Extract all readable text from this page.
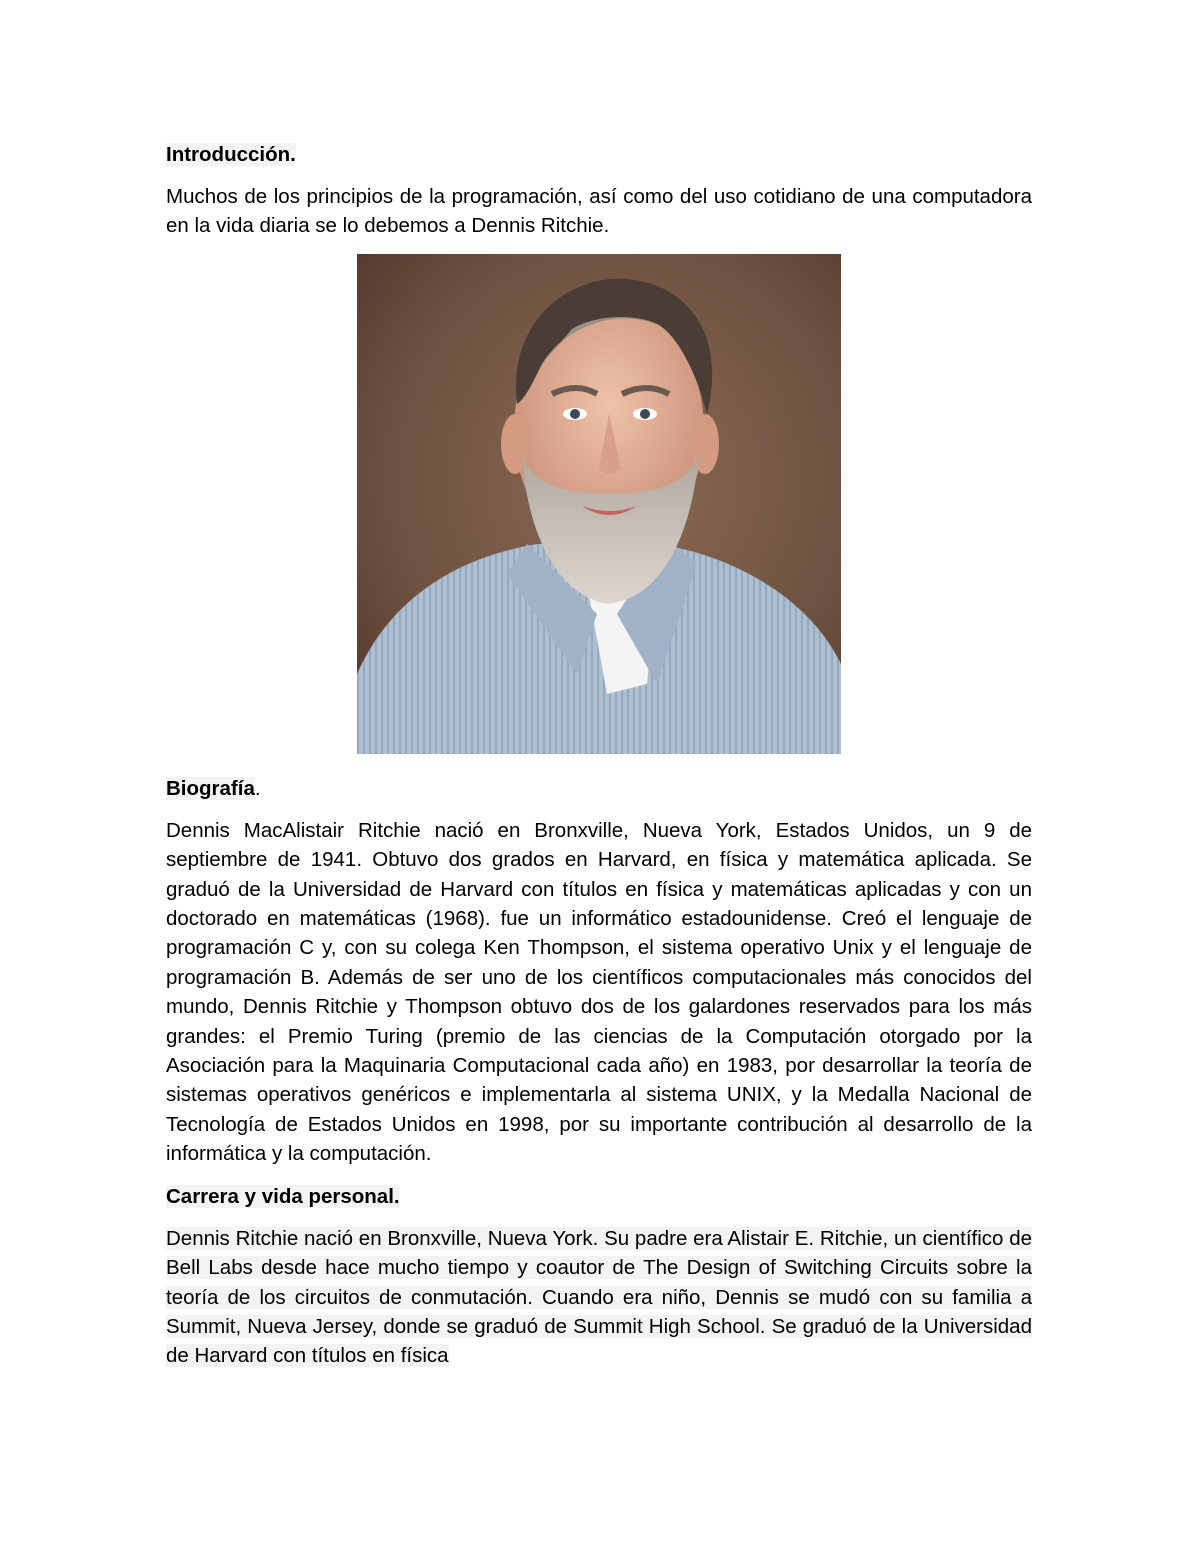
Introducción.
Muchos de los principios de la programación, así como del uso cotidiano de una computadora en la vida diaria se lo debemos a Dennis Ritchie.
Biografía.
Dennis MacAlistair Ritchie nació en Bronxville, Nueva York, Estados Unidos, un 9 de septiembre de 1941. Obtuvo dos grados en Harvard, en física y matemática aplicada. Se graduó de la Universidad de Harvard con títulos en física y matemáticas aplicadas y con un doctorado en matemáticas (1968). fue un informático estadounidense. Creó el lenguaje de programación C y, con su colega Ken Thompson, el sistema operativo Unix y el lenguaje de programación B. Además de ser uno de los científicos computacionales más conocidos del mundo, Dennis Ritchie y Thompson obtuvo dos de los galardones reservados para los más grandes: el Premio Turing (premio de las ciencias de la Computación otorgado por la Asociación para la Maquinaria Computacional cada año) en 1983, por desarrollar la teoría de sistemas operativos genéricos e implementarla al sistema UNIX, y la Medalla Nacional de Tecnología de Estados Unidos en 1998, por su importante contribución al desarrollo de la informática y la computación.
Carrera y vida personal.
Dennis Ritchie nació en Bronxville, Nueva York. Su padre era Alistair E. Ritchie, un científico de Bell Labs desde hace mucho tiempo y coautor de The Design of Switching Circuits sobre la teoría de los circuitos de conmutación. Cuando era niño, Dennis se mudó con su familia a Summit, Nueva Jersey, donde se graduó de Summit High School. Se graduó de la Universidad de Harvard con títulos en física
